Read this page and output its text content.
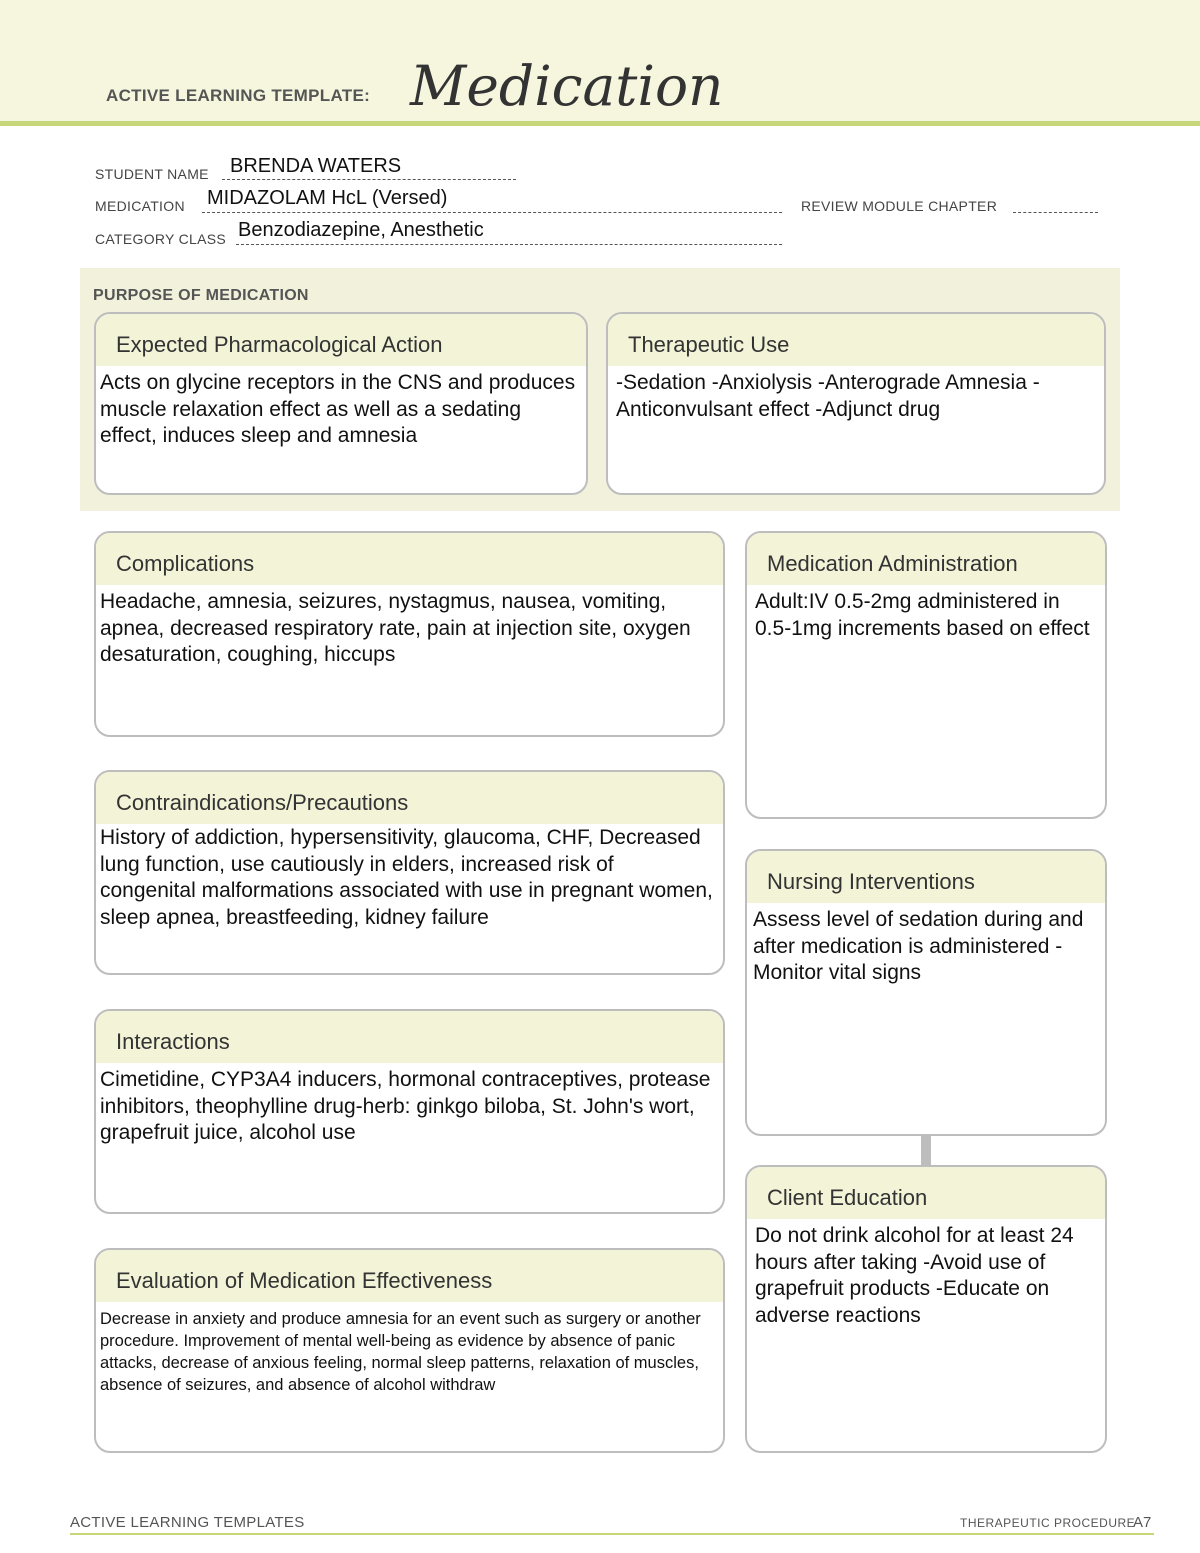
ACTIVE LEARNING TEMPLATE: Medication
STUDENT NAME BRENDA WATERS
MEDICATION MIDAZOLAM HcL (Versed)	REVIEW MODULE CHAPTER
CATEGORY CLASS Benzodiazepine, Anesthetic
PURPOSE OF MEDICATION
Expected Pharmacological Action
Acts on glycine receptors in the CNS and produces muscle relaxation effect as well as a sedating effect, induces sleep and amnesia
Therapeutic Use
-Sedation -Anxiolysis -Anterograde Amnesia -Anticonvulsant effect -Adjunct drug
Complications
Headache, amnesia, seizures, nystagmus, nausea, vomiting, apnea, decreased respiratory rate, pain at injection site, oxygen desaturation, coughing, hiccups
Contraindications/Precautions
History of addiction, hypersensitivity, glaucoma, CHF, Decreased lung function, use cautiously in elders, increased risk of congenital malformations associated with use in pregnant women, sleep apnea, breastfeeding, kidney failure
Interactions
Cimetidine, CYP3A4 inducers, hormonal contraceptives, protease inhibitors, theophylline drug-herb: ginkgo biloba, St. John's wort, grapefruit juice, alcohol use
Evaluation of Medication Effectiveness
Decrease in anxiety and produce amnesia for an event such as surgery or another procedure. Improvement of mental well-being as evidence by absence of panic attacks, decrease of anxious feeling, normal sleep patterns, relaxation of muscles, absence of seizures, and absence of alcohol withdraw
Medication Administration
Adult:IV 0.5-2mg administered in 0.5-1mg increments based on effect
Nursing Interventions
Assess level of sedation during and after medication is administered -Monitor vital signs
Client Education
Do not drink alcohol for at least 24 hours after taking -Avoid use of grapefruit products -Educate on adverse reactions
ACTIVE LEARNING TEMPLATES	THERAPEUTIC PROCEDURE
A7
